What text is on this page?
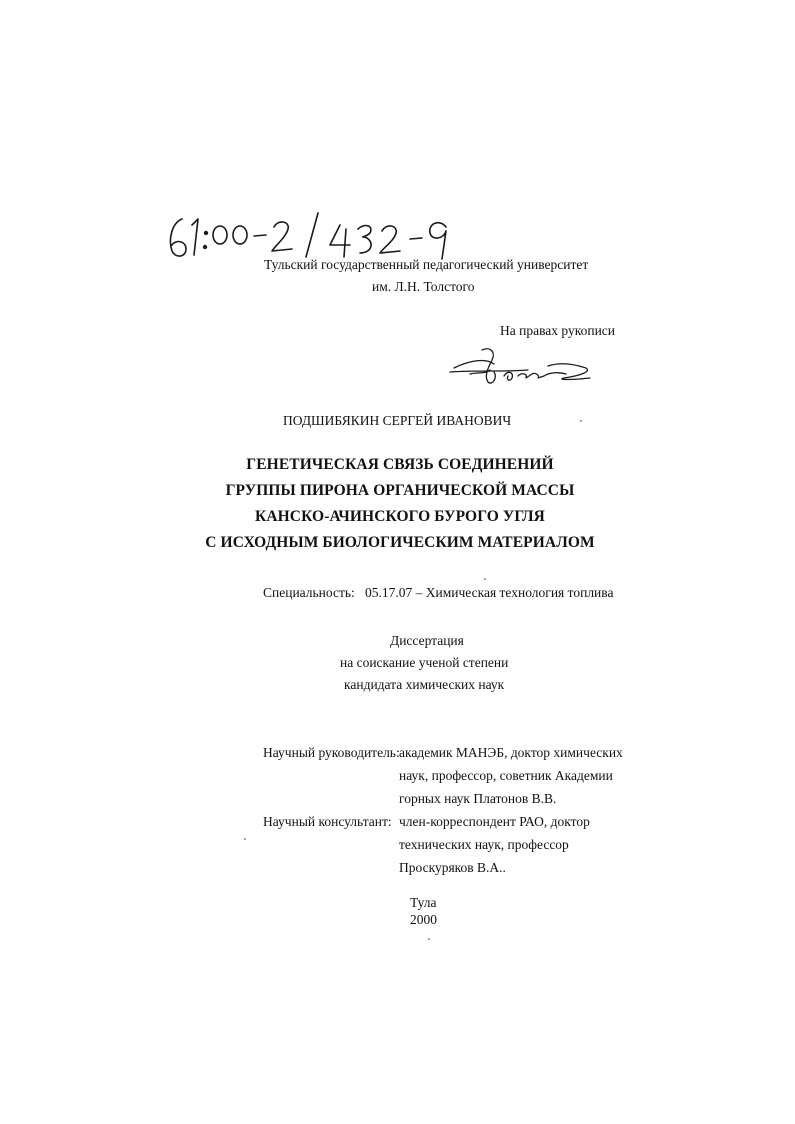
Тульский государственный педагогический университет
им. Л.Н. Толстого
На правах рукописи
ПОДШИБЯКИН СЕРГЕЙ ИВАНОВИЧ
ГЕНЕТИЧЕСКАЯ СВЯЗЬ СОЕДИНЕНИЙ
ГРУППЫ ПИРОНА ОРГАНИЧЕСКОЙ МАССЫ
КАНСКО-АЧИНСКОГО БУРОГО УГЛЯ
С ИСХОДНЫМ БИОЛОГИЧЕСКИМ МАТЕРИАЛОМ
Специальность: 05.17.07 – Химическая технология топлива
Диссертация
на соискание ученой степени
кандидата химических наук
Научный руководитель: академик МАНЭБ, доктор химических
наук, профессор, советник Академии
горных наук Платонов В.В.
Научный консультант: член-корреспондент РАО, доктор
технических наук, профессор
Проскуряков В.А..
Тула
2000
